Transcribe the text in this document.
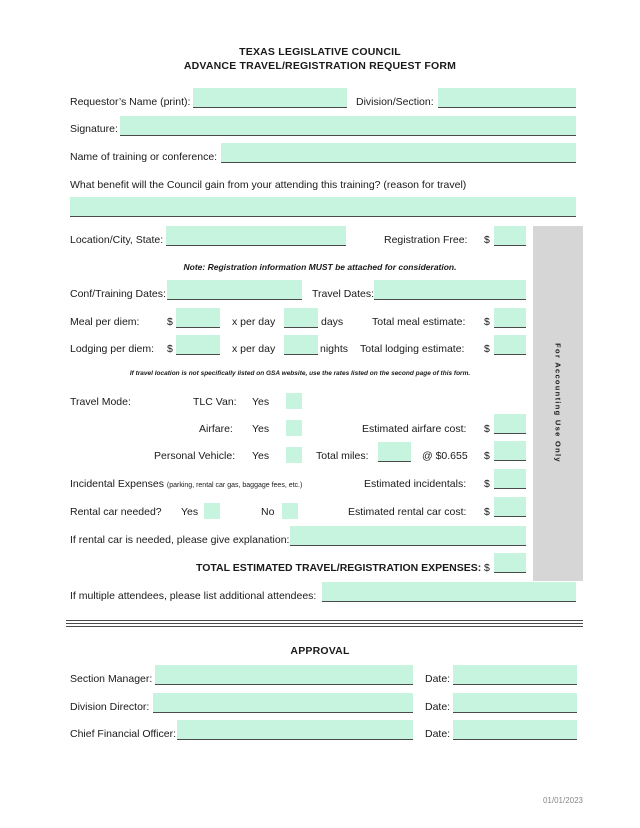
TEXAS LEGISLATIVE COUNCIL
ADVANCE TRAVEL/REGISTRATION REQUEST FORM
For Accounting Use Only
Requestor’s Name (print):	Division/Section:
Signature:
Name of training or conference:
What benefit will the Council gain from your attending this training? (reason for travel)
Location/City, State:	Registration Free: $
Note: Registration information MUST be attached for consideration.
Conf/Training Dates:	Travel Dates:
Meal per diem:	$	x per day	days	Total meal estimate: $
Lodging per diem: $	x per day	nights Total lodging estimate: $
If travel location is not specifically listed on GSA website, use the rates listed on the second page of this form.
Travel Mode:	TLC Van: Yes
Airfare: Yes	Estimated airfare cost: $
Personal Vehicle: Yes	Total miles:	@ $0.655 $
Incidental Expenses (parking, rental car gas, baggage fees, etc.)	Estimated incidentals: $
Rental car needed? Yes	No	Estimated rental car cost: $
If rental car is needed, please give explanation:
TOTAL ESTIMATED TRAVEL/REGISTRATION EXPENSES: $
If multiple attendees, please list additional attendees:
APPROVAL
Section Manager:	Date:
Division Director:	Date:
Chief Financial Officer:	Date:
01/01/2023
